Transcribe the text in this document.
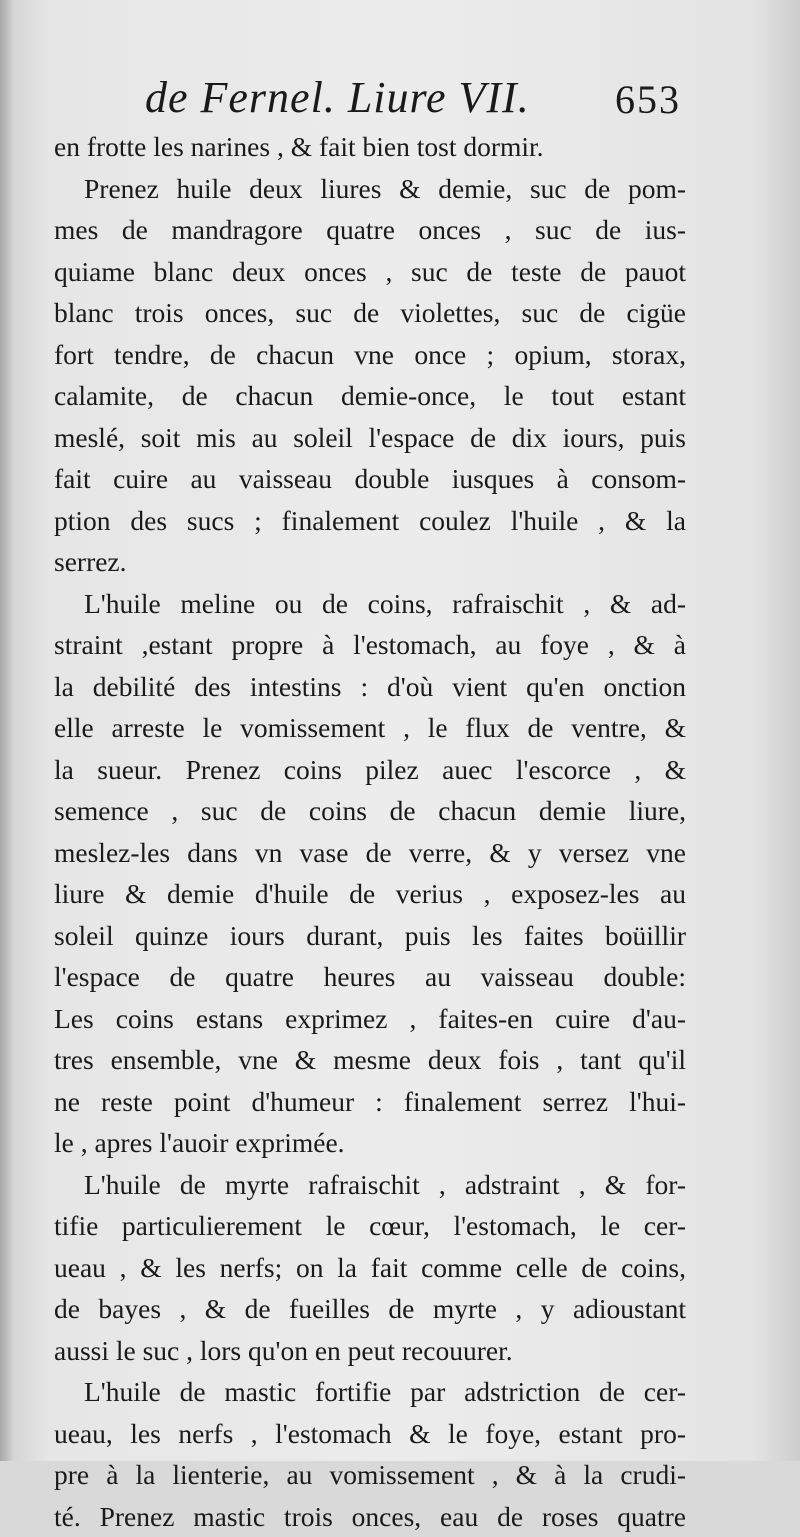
de Fernel. Liure VII. 653
en frotte les narines , & fait bien tost dormir.
Prenez huile deux liures & demie, suc de pom-
mes de mandragore quatre onces , suc de ius-
quiame blanc deux onces , suc de teste de pauot
blanc trois onces, suc de violettes, suc de cigüe
fort tendre, de chacun vne once ; opium, storax,
calamite, de chacun demie-once, le tout estant
meslé, soit mis au soleil l'espace de dix iours, puis
fait cuire au vaisseau double iusques à consom-
ption des sucs ; finalement coulez l'huile , & la
serrez.
L'huile meline ou de coins, rafraischit , & ad-
straint ,estant propre à l'estomach, au foye , & à
la debilité des intestins : d'où vient qu'en onction
elle arreste le vomissement , le flux de ventre, &
la sueur. Prenez coins pilez auec l'escorce , &
semence , suc de coins de chacun demie liure,
meslez-les dans vn vase de verre, & y versez vne
liure & demie d'huile de verius , exposez-les au
soleil quinze iours durant, puis les faites boüillir
l'espace de quatre heures au vaisseau double:
Les coins estans exprimez , faites-en cuire d'au-
tres ensemble, vne & mesme deux fois , tant qu'il
ne reste point d'humeur : finalement serrez l'hui-
le , apres l'auoir exprimée.
L'huile de myrte rafraischit , adstraint , & for-
tifie particulierement le cœur, l'estomach, le cer-
ueau , & les nerfs; on la fait comme celle de coins,
de bayes , & de fueilles de myrte , y adioustant
aussi le suc , lors qu'on en peut recouurer.
L'huile de mastic fortifie par adstriction de cer-
ueau, les nerfs , l'estomach & le foye, estant pro-
pre à la lienterie, au vomissement , & à la crudi-
té. Prenez mastic trois onces, eau de roses quatre
